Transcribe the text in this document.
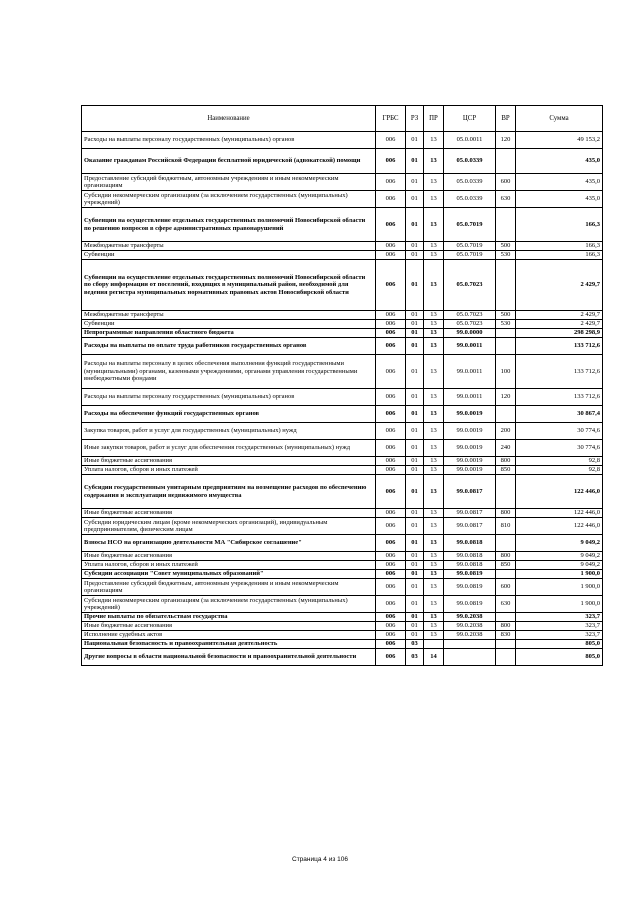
Наименование	ГРБС	РЗ	ПР	ЦСР	ВР	Сумма
Расходы на выплаты персоналу государственных (муниципальных) органов	006	01	13	05.0.0011	120	49 153,2
Оказание гражданам Российской Федерации бесплатной юридической (адвокатской) помощи	006	01	13	05.0.0339		435,0
Предоставление субсидий бюджетным, автономным учреждениям и иным некоммерческим организациям	006	01	13	05.0.0339	600	435,0
Субсидии некоммерческим организациям (за исключением государственных (муниципальных) учреждений)	006	01	13	05.0.0339	630	435,0
Субвенции на осуществление отдельных государственных полномочий Новосибирской области по решению вопросов в сфере административных правонарушений	006	01	13	05.0.7019		166,3
Межбюджетные трансферты	006	01	13	05.0.7019	500	166,3
Субвенции	006	01	13	05.0.7019	530	166,3
Субвенции на осуществление отдельных государственных полномочий Новосибирской области по сбору информации от поселений, входящих в муниципальный район, необходимой для ведения регистра муниципальных нормативных правовых актов Новосибирской области	006	01	13	05.0.7023		2 429,7
Межбюджетные трансферты	006	01	13	05.0.7023	500	2 429,7
Субвенции	006	01	13	05.0.7023	530	2 429,7
Непрограммные направления областного бюджета	006	01	13	99.0.0000		298 298,9
Расходы на выплаты по оплате труда работников государственных органов	006	01	13	99.0.0011		133 712,6
Расходы на выплаты персоналу в целях обеспечения выполнения функций государственными (муниципальными) органами, казенными учреждениями, органами управления государственными внебюджетными фондами	006	01	13	99.0.0011	100	133 712,6
Расходы на выплаты персоналу государственных (муниципальных) органов	006	01	13	99.0.0011	120	133 712,6
Расходы на обеспечение функций государственных органов	006	01	13	99.0.0019		30 867,4
Закупка товаров, работ и услуг для государственных (муниципальных) нужд	006	01	13	99.0.0019	200	30 774,6
Иные закупки товаров, работ и услуг для обеспечения государственных (муниципальных) нужд	006	01	13	99.0.0019	240	30 774,6
Иные бюджетные ассигнования	006	01	13	99.0.0019	800	92,8
Уплата налогов, сборов и иных платежей	006	01	13	99.0.0019	850	92,8
Субсидии государственным унитарным предприятиям на возмещение расходов по обеспечению содержания и эксплуатации недвижимого имущества	006	01	13	99.0.0817		122 446,0
Иные бюджетные ассигнования	006	01	13	99.0.0817	800	122 446,0
Субсидии юридическим лицам (кроме некоммерческих организаций), индивидуальным предпринимателям, физическим лицам	006	01	13	99.0.0817	810	122 446,0
Взносы НСО на организацию деятельности МА "Сибирское соглашение"	006	01	13	99.0.0818		9 049,2
Иные бюджетные ассигнования	006	01	13	99.0.0818	800	9 049,2
Уплата налогов, сборов и иных платежей	006	01	13	99.0.0818	850	9 049,2
Субсидии ассоциации "Совет муниципальных образований"	006	01	13	99.0.0819		1 900,0
Предоставление субсидий бюджетным, автономным учреждениям и иным некоммерческим организациям	006	01	13	99.0.0819	600	1 900,0
Субсидии некоммерческим организациям (за исключением государственных (муниципальных) учреждений)	006	01	13	99.0.0819	630	1 900,0
Прочие выплаты по обязательствам государства	006	01	13	99.0.2038		323,7
Иные бюджетные ассигнования	006	01	13	99.0.2038	800	323,7
Исполнение судебных актов	006	01	13	99.0.2038	830	323,7
Национальная безопасность и правоохранительная деятельность	006	03				805,0
Другие вопросы в области национальной безопасности и правоохранительной деятельности	006	03	14			805,0
Страница 4 из 106
